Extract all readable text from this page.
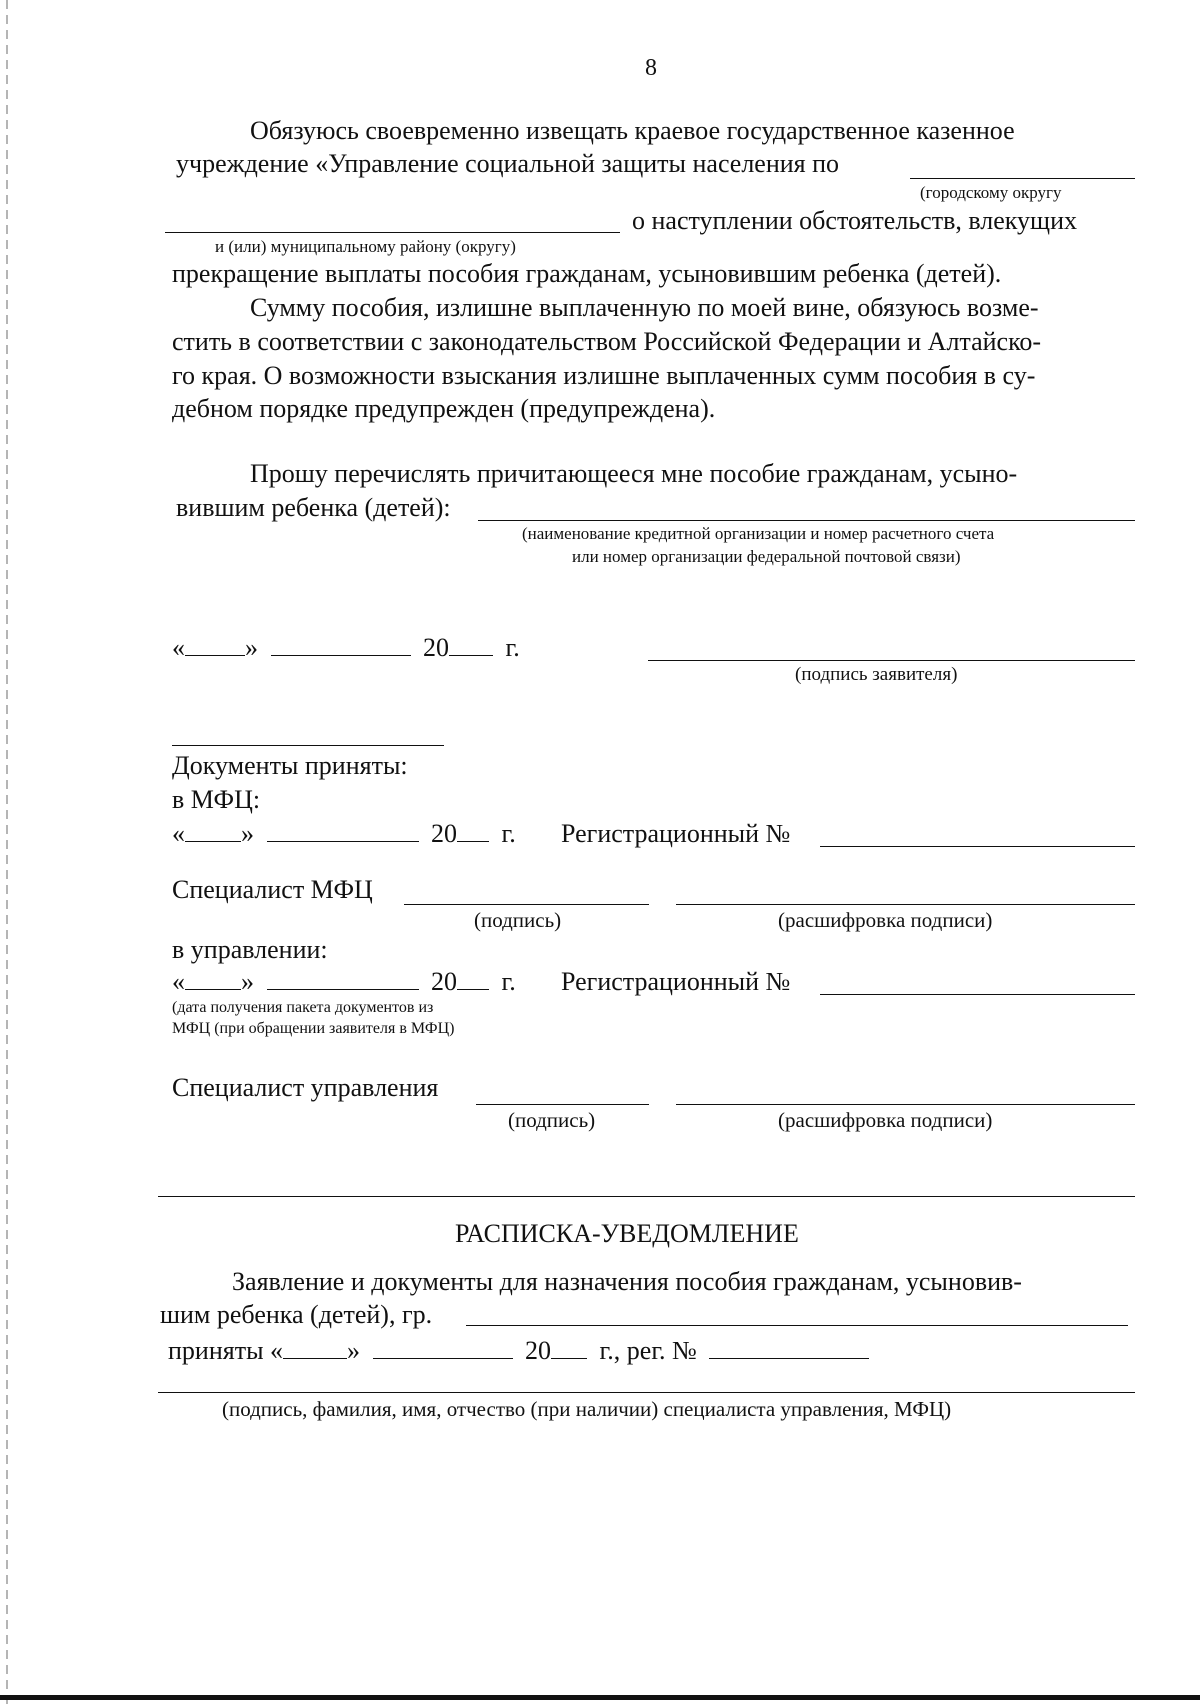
8
Обязуюсь своевременно извещать краевое государственное казенное
учреждение «Управление социальной защиты населения по
(городскому округу
о наступлении обстоятельств, влекущих
и (или) муниципальному району (округу)
прекращение выплаты пособия гражданам, усыновившим ребенка (детей).
Сумму пособия, излишне выплаченную по моей вине, обязуюсь возме-
стить в соответствии с законодательством Российской Федерации и Алтайско-
го края. О возможности взыскания излишне выплаченных сумм пособия в су-
дебном порядке предупрежден (предупреждена).
Прошу перечислять причитающееся мне пособие гражданам, усыно-
вившим ребенка (детей):
(наименование кредитной организации и номер расчетного счета
или номер организации федеральной почтовой связи)
« »	20 г.
(подпись заявителя)
Документы приняты:
в МФЦ:
« »	20 г. Регистрационный №
Специалист МФЦ
(подпись)	(расшифровка подписи)
в управлении:
« »	20 г. Регистрационный №
(дата получения пакета документов из
МФЦ (при обращении заявителя в МФЦ)
Специалист управления
(подпись)	(расшифровка подписи)
РАСПИСКА-УВЕДОМЛЕНИЕ
Заявление и документы для назначения пособия гражданам, усыновив-
шим ребенка (детей), гр.
приняты « »	20 г., рег. №
(подпись, фамилия, имя, отчество (при наличии) специалиста управления, МФЦ)
